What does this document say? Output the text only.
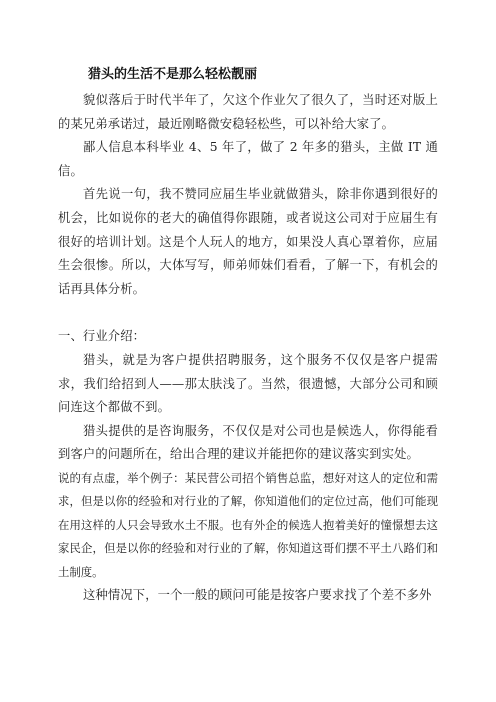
猎头的生活不是那么轻松靓丽

貌似落后于时代半年了，欠这个作业欠了很久了，当时还对版上的某兄弟承诺过，最近刚略微安稳轻松些，可以补给大家了。

鄙人信息本科毕业 4、5 年了，做了 2 年多的猎头，主做 IT 通信。

首先说一句，我不赞同应届生毕业就做猎头，除非你遇到很好的机会，比如说你的老大的确值得你跟随，或者说这公司对于应届生有很好的培训计划。这是个人玩人的地方，如果没人真心罩着你，应届生会很惨。所以，大体写写，师弟师妹们看看，了解一下，有机会的话再具体分析。

一、行业介绍：

猎头，就是为客户提供招聘服务，这个服务不仅仅是客户提需求，我们给招到人——那太肤浅了。当然，很遗憾，大部分公司和顾问连这个都做不到。

猎头提供的是咨询服务，不仅仅是对公司也是候选人，你得能看到客户的问题所在，给出合理的建议并能把你的建议落实到实处。

说的有点虚，举个例子：某民营公司招个销售总监，想好对这人的定位和需求，但是以你的经验和对行业的了解，你知道他们的定位过高，他们可能现在用这样的人只会导致水土不服。也有外企的候选人抱着美好的憧憬想去这家民企，但是以你的经验和对行业的了解，你知道这哥们摆不平土八路们和土制度。

这种情况下，一个一般的顾问可能是按客户要求找了个差不多外
